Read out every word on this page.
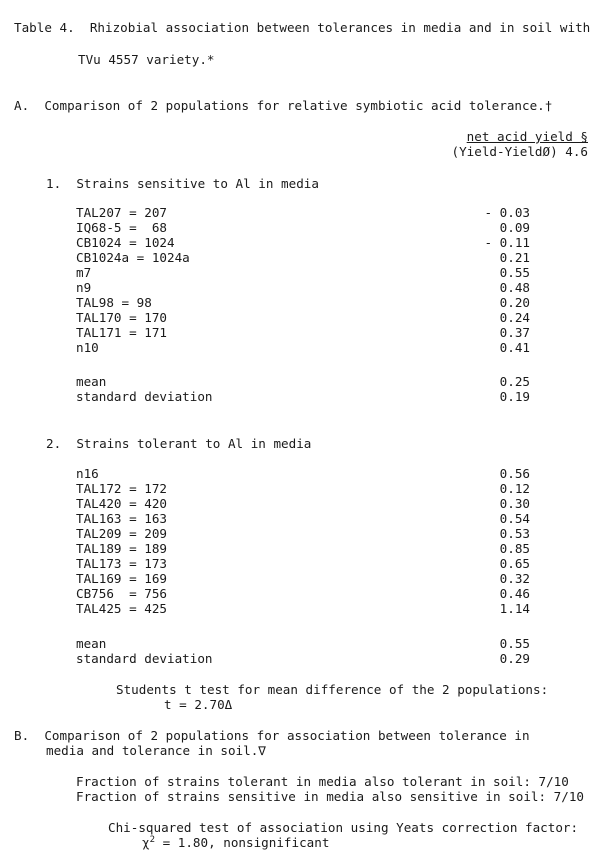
Table 4.  Rhizobial association between tolerances in media and in soil with
TVu 4557 variety.*
A.  Comparison of 2 populations for relative symbiotic acid tolerance.†
net acid yield §
(Yield-YieldØ) 4.6
1.  Strains sensitive to Al in media
TAL207 = 207	- 0.03
IQ68-5 =  68	0.09
CB1024 = 1024	- 0.11
CB1024a = 1024a	0.21
m7	0.55
n9	0.48
TAL98 = 98	0.20
TAL170 = 170	0.24
TAL171 = 171	0.37
n10	0.41
mean	0.25
standard deviation	0.19
2.  Strains tolerant to Al in media
n16	0.56
TAL172 = 172	0.12
TAL420 = 420	0.30
TAL163 = 163	0.54
TAL209 = 209	0.53
TAL189 = 189	0.85
TAL173 = 173	0.65
TAL169 = 169	0.32
CB756  = 756	0.46
TAL425 = 425	1.14
mean	0.55
standard deviation	0.29
Students t test for mean difference of the 2 populations:
t = 2.70Δ
B.  Comparison of 2 populations for association between tolerance in
media and tolerance in soil.∇
Fraction of strains tolerant in media also tolerant in soil: 7/10
Fraction of strains sensitive in media also sensitive in soil: 7/10
Chi-squared test of association using Yeats correction factor:
$\chi^2 = 1.80$, nonsignificant
